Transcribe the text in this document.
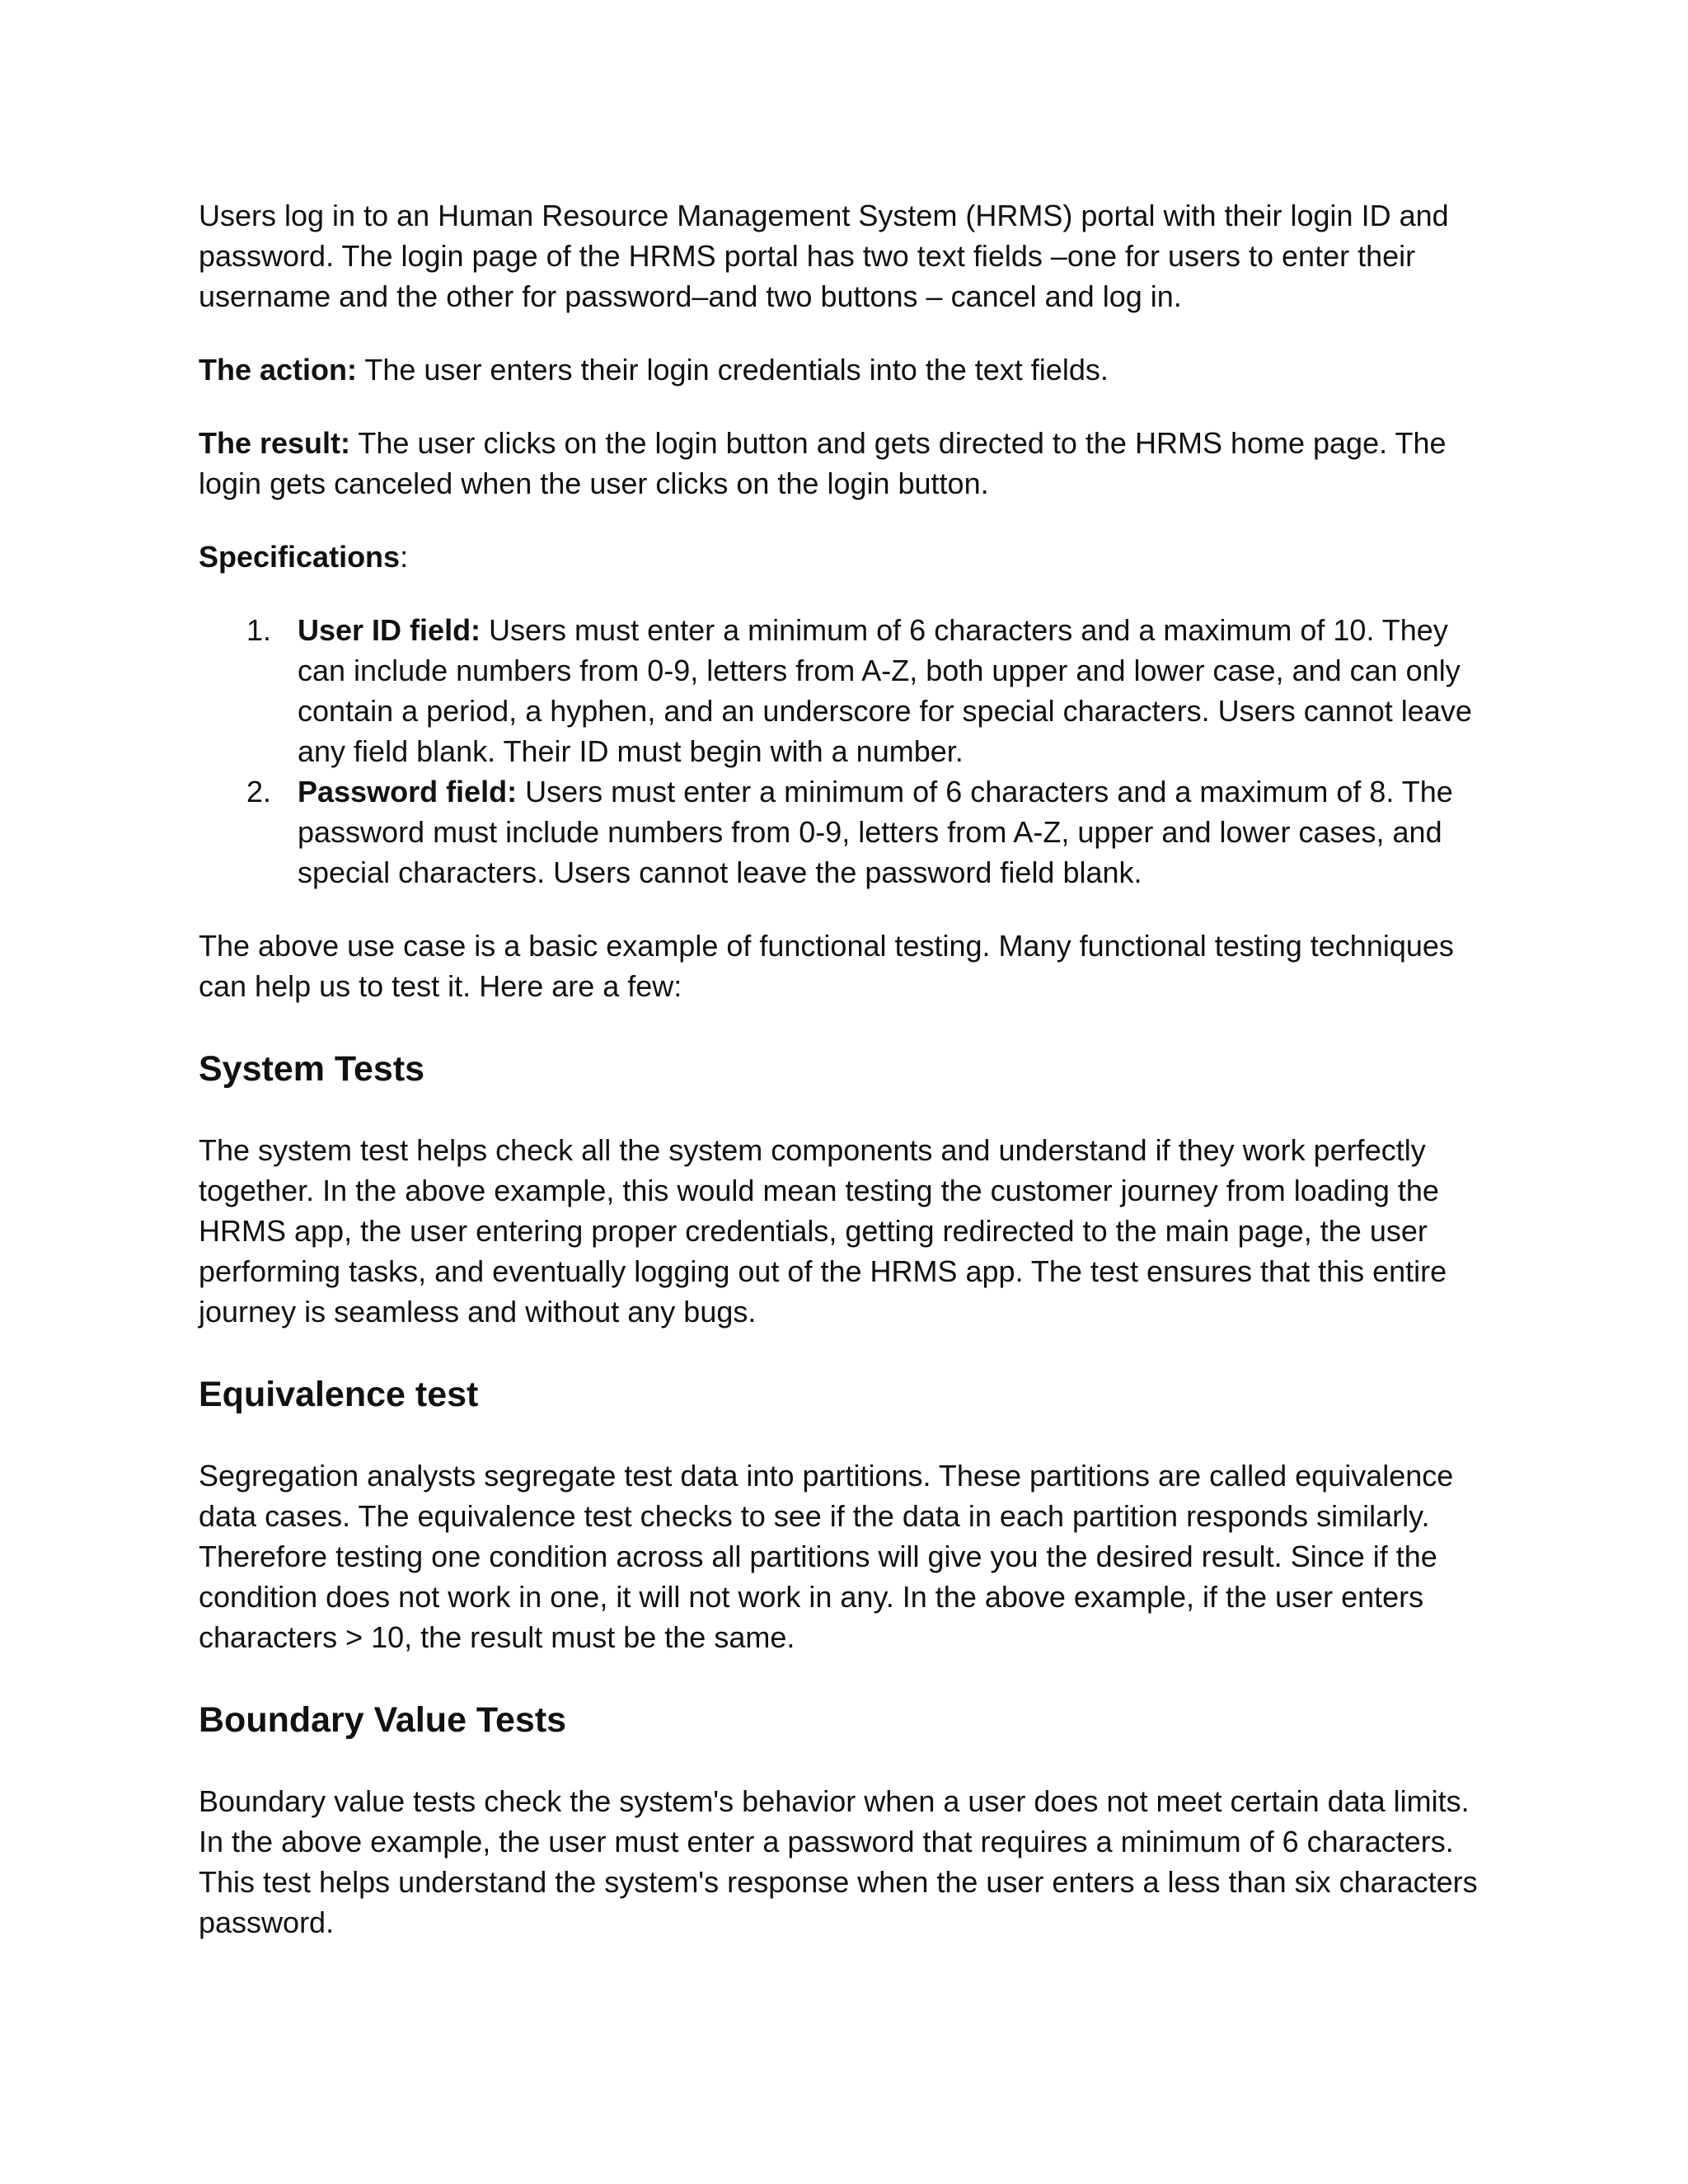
Users log in to an Human Resource Management System (HRMS) portal with their login ID and password. The login page of the HRMS portal has two text fields –one for users to enter their username and the other for password–and two buttons – cancel and log in.

The action: The user enters their login credentials into the text fields.

The result: The user clicks on the login button and gets directed to the HRMS home page. The login gets canceled when the user clicks on the login button.

Specifications:

1. User ID field: Users must enter a minimum of 6 characters and a maximum of 10. They can include numbers from 0-9, letters from A-Z, both upper and lower case, and can only contain a period, a hyphen, and an underscore for special characters. Users cannot leave any field blank. Their ID must begin with a number.
2. Password field: Users must enter a minimum of 6 characters and a maximum of 8. The password must include numbers from 0-9, letters from A-Z, upper and lower cases, and special characters. Users cannot leave the password field blank.

The above use case is a basic example of functional testing. Many functional testing techniques can help us to test it. Here are a few:

System Tests

The system test helps check all the system components and understand if they work perfectly together. In the above example, this would mean testing the customer journey from loading the HRMS app, the user entering proper credentials, getting redirected to the main page, the user performing tasks, and eventually logging out of the HRMS app. The test ensures that this entire journey is seamless and without any bugs.

Equivalence test

Segregation analysts segregate test data into partitions. These partitions are called equivalence data cases. The equivalence test checks to see if the data in each partition responds similarly. Therefore testing one condition across all partitions will give you the desired result. Since if the condition does not work in one, it will not work in any. In the above example, if the user enters characters > 10, the result must be the same.

Boundary Value Tests

Boundary value tests check the system's behavior when a user does not meet certain data limits. In the above example, the user must enter a password that requires a minimum of 6 characters. This test helps understand the system's response when the user enters a less than six characters password.
